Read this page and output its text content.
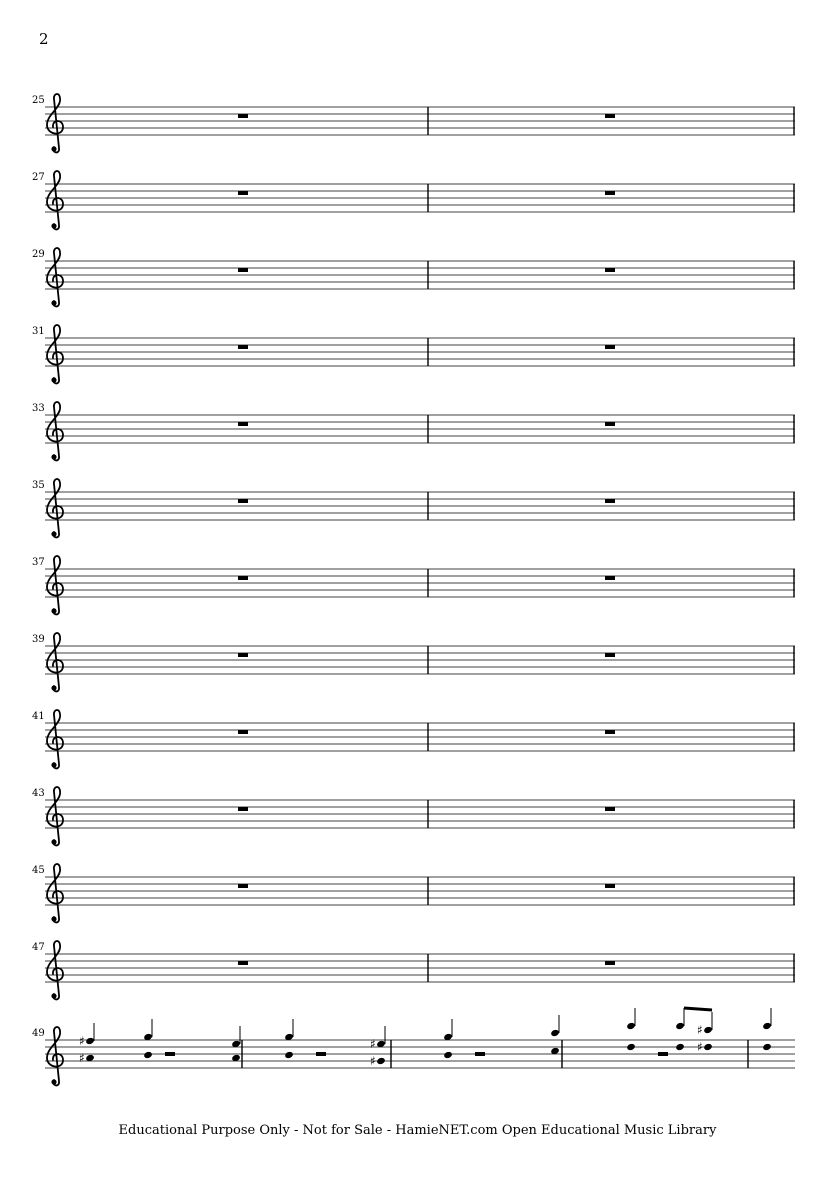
2
25
27
29
31
33
35
37
39
41
43
45
47
49
♯
♯
♯
♯
♯
♯
Educational Purpose Only - Not for Sale - HamieNET.com Open Educational Music Library
